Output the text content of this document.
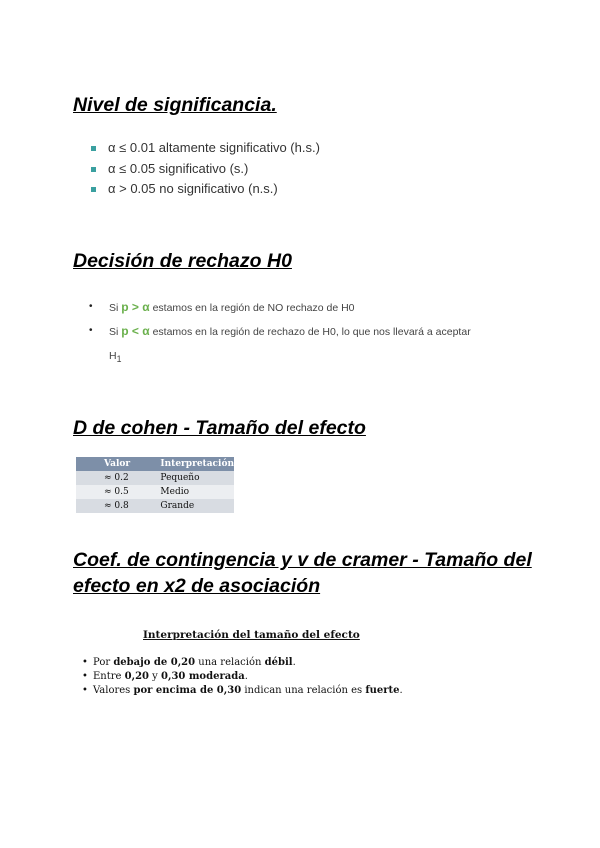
Nivel de significancia.
α ≤ 0.01 altamente significativo (h.s.)
α ≤ 0.05 significativo (s.)
α > 0.05 no significativo (n.s.)
Decisión de rechazo H0
• Si p > α estamos en la región de NO rechazo de H0
• Si p < α estamos en la región de rechazo de H0, lo que nos llevará a aceptar
$H_1$
D de cohen - Tamaño del efecto
Valor	Interpretación
≈ 0.2	Pequeño
≈ 0.5	Medio
≈ 0.8	Grande
Coef. de contingencia y v de cramer - Tamaño del efecto en x2 de asociación
Interpretación del tamaño del efecto
• Por debajo de 0,20 una relación débil.
• Entre 0,20 y 0,30 moderada.
• Valores por encima de 0,30 indican una relación es fuerte.
